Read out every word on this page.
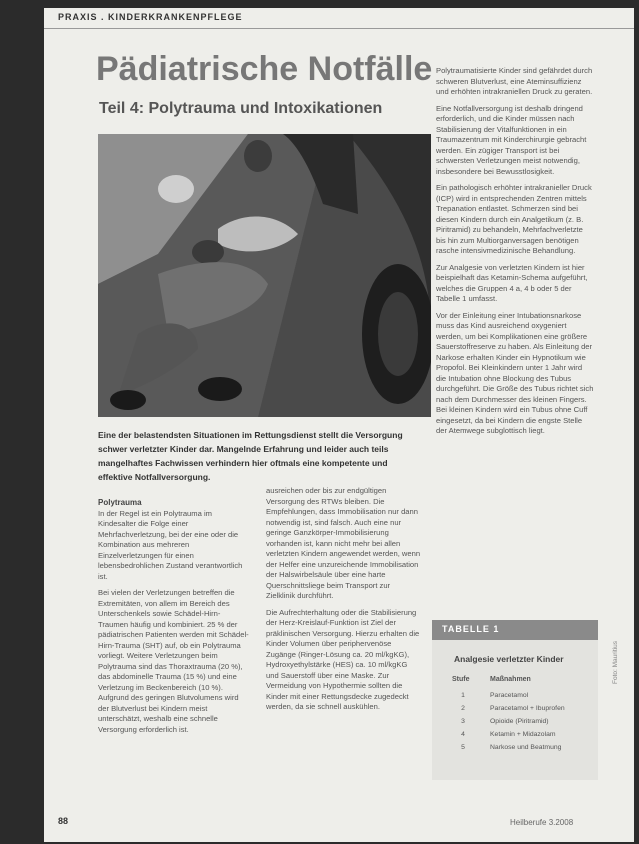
PRAXIS . KINDERKRANKENPFLEGE
Pädiatrische Notfälle
Teil 4: Polytrauma und Intoxikationen
Eine der belastendsten Situationen im Rettungsdienst stellt die Versorgung schwer verletzter Kinder dar. Mangelnde Erfahrung und leider auch teils mangelhaftes Fachwissen verhindern hier oftmals eine kompetente und effektive Notfallversorgung.
Polytrauma

In der Regel ist ein Polytrauma im Kindesalter die Folge einer Mehrfachverletzung, bei der eine oder die Kombination aus mehreren Einzelverletzungen für einen lebensbedrohlichen Zustand verantwortlich ist.

Bei vielen der Verletzungen betreffen die Extremitäten, von allem im Bereich des Unterschenkels sowie Schädel-Hirn-Traumen häufig und kombiniert. 25 % der pädiatrischen Patienten werden mit Schädel-Hirn-Trauma (SHT) auf, ob ein Polytrauma vorliegt. Weitere Verletzungen beim Polytrauma sind das Thoraxtrauma (20 %), das abdominelle Trauma (15 %) und eine Verletzung im Beckenbereich (10 %). Aufgrund des geringen Blutvolumens wird der Blutverlust bei Kindern meist unterschätzt, weshalb eine schnelle Versorgung erforderlich ist.

ausreichen oder bis zur endgültigen Versorgung des RTWs bleiben. Die Empfehlungen, dass Immobilisation nur dann notwendig ist, sind falsch. Auch eine nur geringe Ganzkörper-Immobilisierung vorhanden ist, kann nicht mehr bei allen verletzten Kindern angewendet werden, wenn der Helfer eine unzureichende Immobilisation der Halswirbelsäule über eine harte Querschnittsliege beim Transport zur Zielklinik durchführt.

Die Aufrechterhaltung oder die Stabilisierung der Herz-Kreislauf-Funktion ist Ziel der präklinischen Versorgung. Hierzu erhalten die Kinder Volumen über periphervenöse Zugänge (Ringer-Lösung ca. 20 ml/kgKG), Hydroxyethylstärke (HES) ca. 10 ml/kgKG und Sauerstoff über eine Maske. Zur Vermeidung von Hypothermie sollten die Kinder mit einer Rettungsdecke zugedeckt werden, da sie schnell auskühlen.

Polytraumatisierte Kinder sind gefährdet durch schweren Blutverlust, eine Ateminsuffizienz und erhöhten intrakraniellen Druck zu geraten.

Eine Notfallversorgung ist deshalb dringend erforderlich, und die Kinder müssen nach Stabilisierung der Vitalfunktionen in ein Traumazentrum mit Kinderchirurgie gebracht werden. Ein zügiger Transport ist bei schwersten Verletzungen meist notwendig, insbesondere bei Bewusstlosigkeit.

Ein pathologisch erhöhter intrakranieller Druck (ICP) wird in entsprechenden Zentren mittels Trepanation entlastet. Schmerzen sind bei diesen Kindern durch ein Analgetikum (z. B. Piritramid) zu behandeln, Mehrfachverletzte bis hin zum Multiorganversagen benötigen rasche intensivmedizinische Behandlung.

Zur Analgesie von verletzten Kindern ist hier beispielhaft das Ketamin-Schema aufgeführt, welches die Gruppen 4 a, 4 b oder 5 der Tabelle 1 umfasst.

Vor der Einleitung einer Intubationsnarkose muss das Kind ausreichend oxygeniert werden, um bei Komplikationen eine größere Sauerstoffreserve zu haben. Als Einleitung der Narkose erhalten Kinder ein Hypnotikum wie Propofol. Bei Kleinkindern unter 1 Jahr wird die Intubation ohne Blockung des Tubus durchgeführt. Die Größe des Tubus richtet sich nach dem Durchmesser des kleinen Fingers. Bei kleinen Kindern wird ein Tubus ohne Cuff eingesetzt, da bei Kindern die engste Stelle der Atemwege subglottisch liegt.

TABELLE 1
Analgesie verletzter Kinder
Stufe	Maßnahmen
1	Paracetamol
2	Paracetamol + Ibuprofen
3	Opioide (Piritramid)
4	Ketamin + Midazolam
5	Narkose und Beatmung
Foto: Mauritius
88	Heilberufe 3.2008
